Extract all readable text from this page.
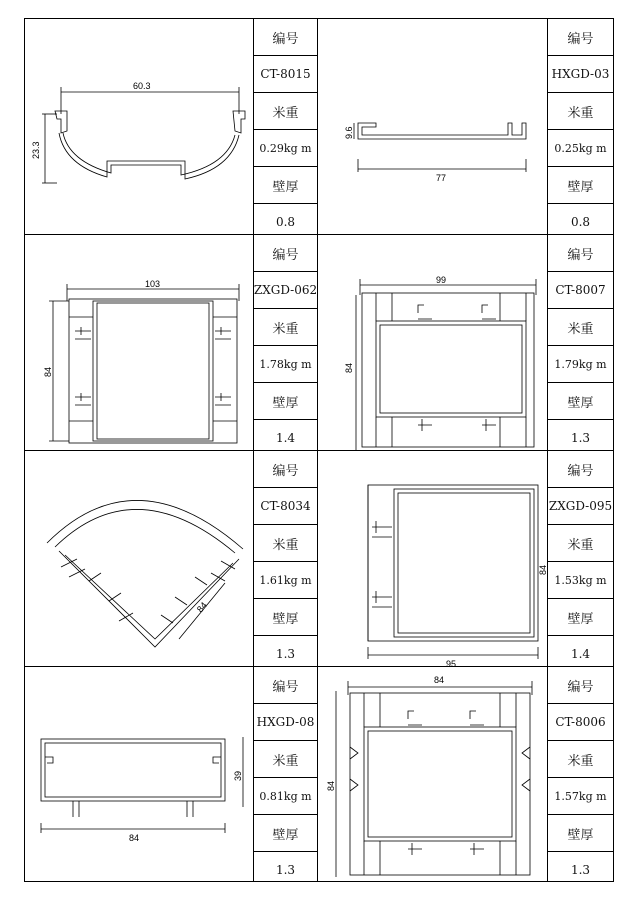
60.3
23.3
编号
CT-8015
米重
0.29kg m
壁厚
0.8
77
9.6
编号
HXGD-03
米重
0.25kg m
壁厚
0.8
103
84
编号
ZXGD-062
米重
1.78kg m
壁厚
1.4
99
84
编号
CT-8007
米重
1.79kg m
壁厚
1.3
84
编号
CT-8034
米重
1.61kg m
壁厚
1.3
84
95
编号
ZXGD-095
米重
1.53kg m
壁厚
1.4
39
84
编号
HXGD-08
米重
0.81kg m
壁厚
1.3
84
84
编号
CT-8006
米重
1.57kg m
壁厚
1.3
